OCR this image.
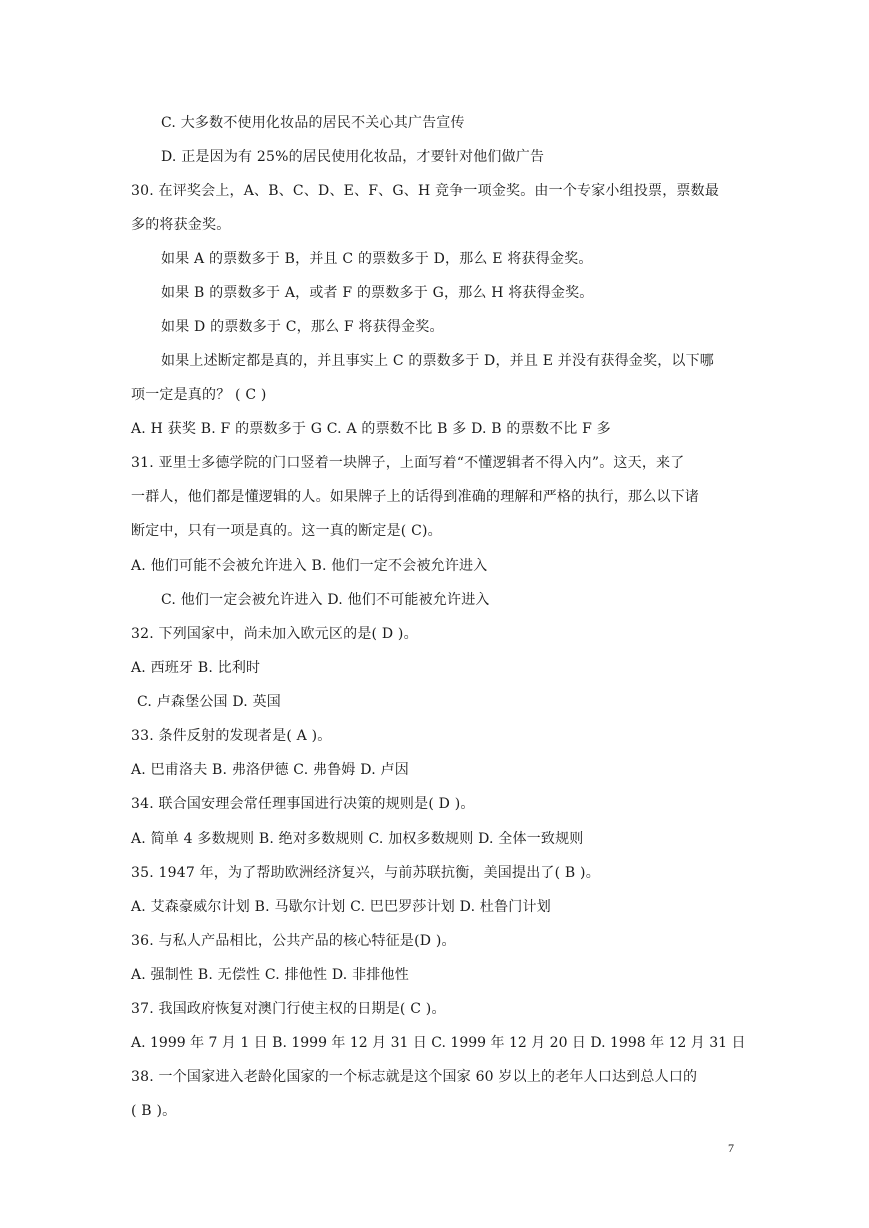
C. 大多数不使用化妆品的居民不关心其广告宣传
D. 正是因为有 25%的居民使用化妆品，才要针对他们做广告
30. 在评奖会上，A、B、C、D、E、F、G、H 竞争一项金奖。由一个专家小组投票，票数最
多的将获金奖。
如果 A 的票数多于 B，并且 C 的票数多于 D，那么 E 将获得金奖。
如果 B 的票数多于 A，或者 F 的票数多于 G，那么 H 将获得金奖。
如果 D 的票数多于 C，那么 F 将获得金奖。
如果上述断定都是真的，并且事实上 C 的票数多于 D，并且 E 并没有获得金奖，以下哪
项一定是真的？ ( C )
A. H 获奖 B. F 的票数多于 G C. A 的票数不比 B 多 D. B 的票数不比 F 多
31. 亚里士多德学院的门口竖着一块牌子，上面写着“不懂逻辑者不得入内”。这天，来了
一群人，他们都是懂逻辑的人。如果牌子上的话得到准确的理解和严格的执行，那么以下诸
断定中，只有一项是真的。这一真的断定是( C)。
A. 他们可能不会被允许进入 B. 他们一定不会被允许进入
C. 他们一定会被允许进入 D. 他们不可能被允许进入
32. 下列国家中，尚未加入欧元区的是( D )。
A. 西班牙 B. 比利时
C. 卢森堡公国 D. 英国
33. 条件反射的发现者是( A )。
A. 巴甫洛夫 B. 弗洛伊德 C. 弗鲁姆 D. 卢因
34. 联合国安理会常任理事国进行决策的规则是( D )。
A. 简单 4 多数规则 B. 绝对多数规则 C. 加权多数规则 D. 全体一致规则
35. 1947 年，为了帮助欧洲经济复兴，与前苏联抗衡，美国提出了( B )。
A. 艾森豪威尔计划 B. 马歇尔计划 C. 巴巴罗莎计划 D. 杜鲁门计划
36. 与私人产品相比，公共产品的核心特征是(D )。
A. 强制性 B. 无偿性 C. 排他性 D. 非排他性
37. 我国政府恢复对澳门行使主权的日期是( C )。
A. 1999 年 7 月 1 日 B. 1999 年 12 月 31 日 C. 1999 年 12 月 20 日 D. 1998 年 12 月 31 日
38. 一个国家进入老龄化国家的一个标志就是这个国家 60 岁以上的老年人口达到总人口的
( B )。
7
